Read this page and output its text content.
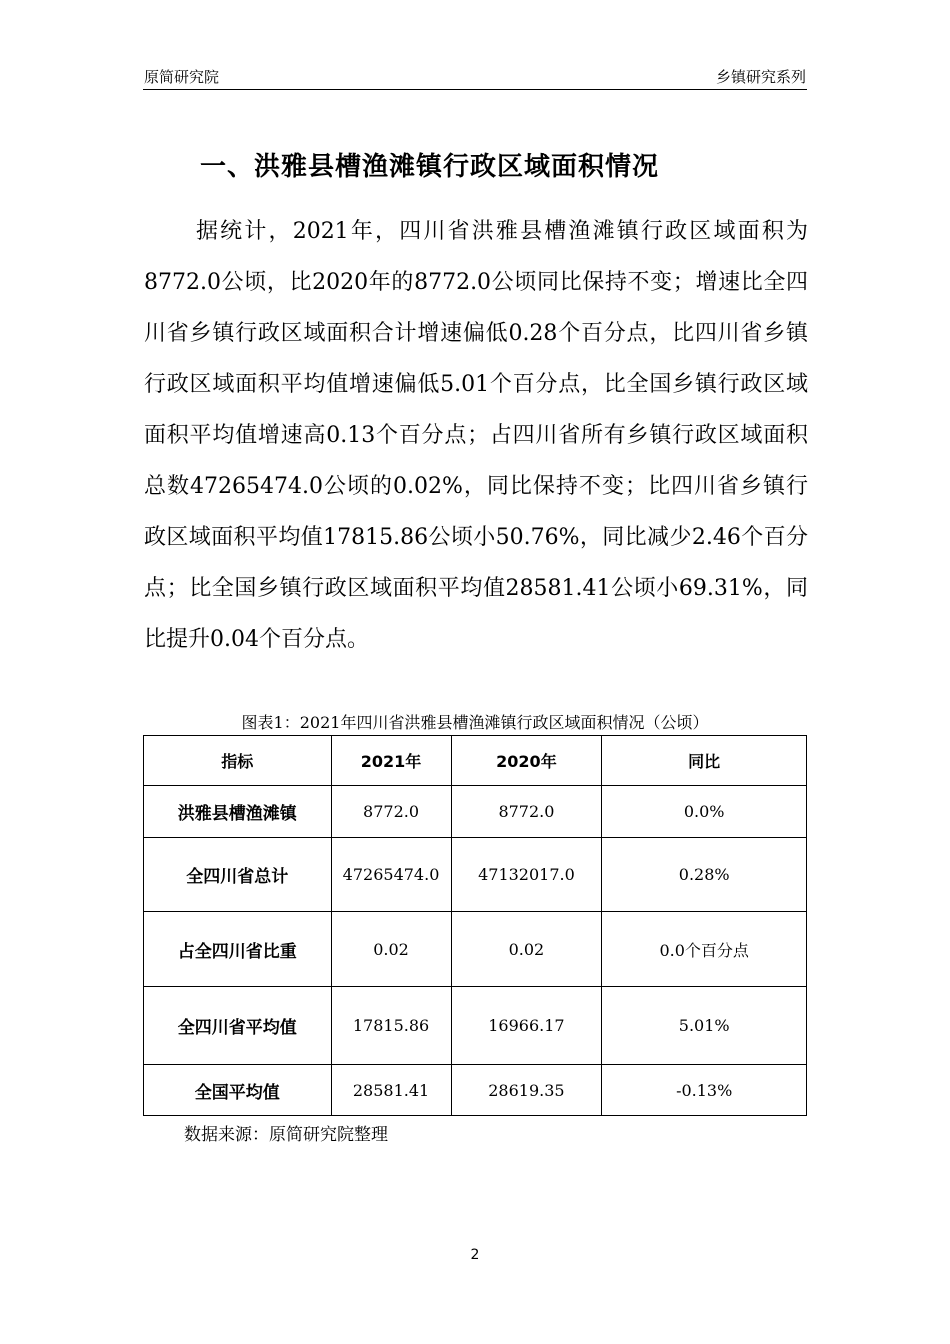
原简研究院	乡镇研究系列
一、洪雅县槽渔滩镇行政区域面积情况

据统计，2021年，四川省洪雅县槽渔滩镇行政区域面积为8772.0公顷，比2020年的8772.0公顷同比保持不变；增速比全四川省乡镇行政区域面积合计增速偏低0.28个百分点，比四川省乡镇行政区域面积平均值增速偏低5.01个百分点，比全国乡镇行政区域面积平均值增速高0.13个百分点；占四川省所有乡镇行政区域面积总数47265474.0公顷的0.02%，同比保持不变；比四川省乡镇行政区域面积平均值17815.86公顷小50.76%，同比减少2.46个百分点；比全国乡镇行政区域面积平均值28581.41公顷小69.31%，同比提升0.04个百分点。

图表1：2021年四川省洪雅县槽渔滩镇行政区域面积情况（公顷）
指标	2021年	2020年	同比
洪雅县槽渔滩镇	8772.0	8772.0	0.0%
全四川省总计	47265474.0	47132017.0	0.28%
占全四川省比重	0.02	0.02	0.0个百分点
全四川省平均值	17815.86	16966.17	5.01%
全国平均值	28581.41	28619.35	-0.13%
数据来源：原简研究院整理
2
